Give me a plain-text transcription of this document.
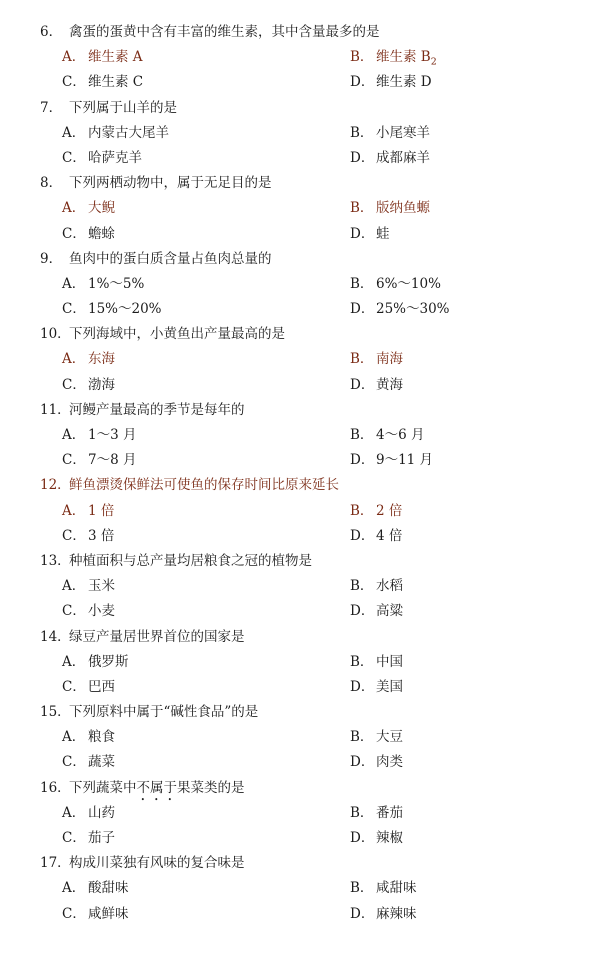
6． 禽蛋的蛋黄中含有丰富的维生素，其中含量最多的是
A． 维生素 A	B． 维生素 $B_2$
C． 维生素 C	D． 维生素 D
7． 下列属于山羊的是
A． 内蒙古大尾羊	B． 小尾寒羊
C． 哈萨克羊	D． 成都麻羊
8． 下列两栖动物中，属于无足目的是
A． 大鲵	B． 版纳鱼螈
C． 蟾蜍	D． 蛙
9． 鱼肉中的蛋白质含量占鱼肉总量的
A． 1%～5%	B． 6%～10%
C． 15%～20%	D． 25%～30%
10．
下列海域中，小黄鱼出产量最高的是
A． 东海	B． 南海
C． 渤海	D． 黄海
11．
河鳗产量最高的季节是每年的
A． 1～3 月	B． 4～6 月
C． 7～8 月	D． 9～11 月
12．
鲜鱼漂烫保鲜法可使鱼的保存时间比原来延长
A． 1 倍	B． 2 倍
C． 3 倍	D． 4 倍
13．
种植面积与总产量均居粮食之冠的植物是
A． 玉米	B． 水稻
C． 小麦	D． 高粱
14．
绿豆产量居世界首位的国家是
A． 俄罗斯	B． 中国
C． 巴西	D． 美国
15．
下列原料中属于“碱性食品”的是
A． 粮食	B． 大豆
C． 蔬菜	D． 肉类
16．
下列蔬菜中不属于果菜类的是
A． 山药	B． 番茄
C． 茄子	D． 辣椒
17．
构成川菜独有风味的复合味是
A． 酸甜味	B． 咸甜味
C． 咸鲜味	D． 麻辣味
